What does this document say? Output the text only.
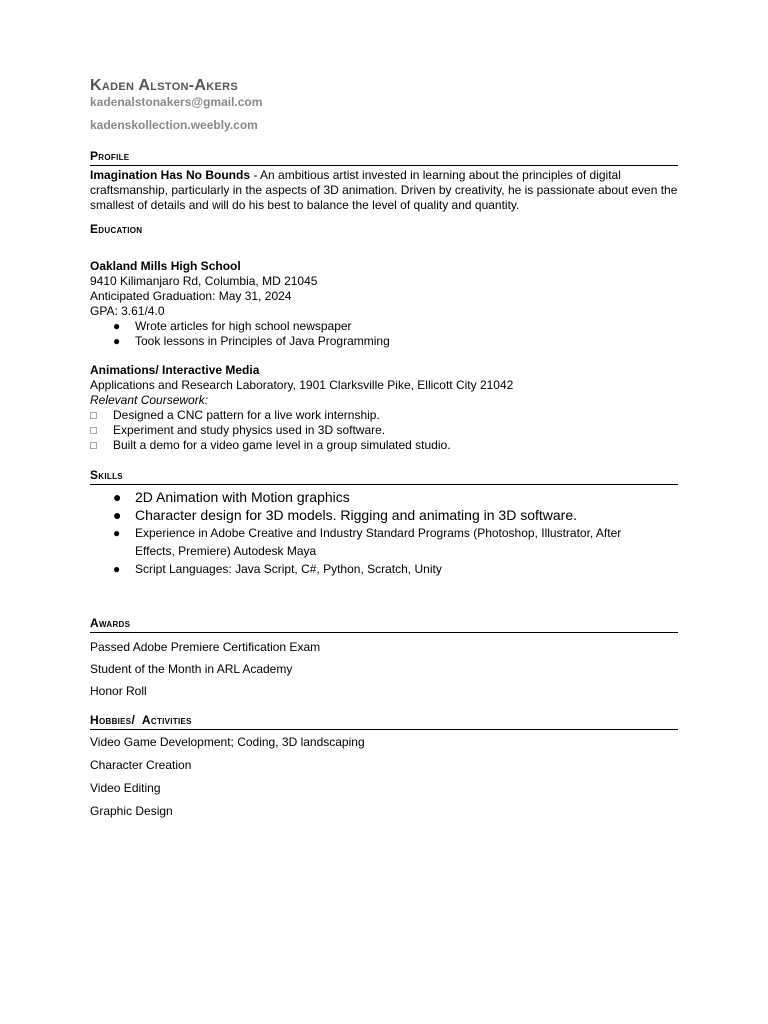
Kaden Alston-Akers

kadenalstonakers@gmail.com

kadenskollection.weebly.com

Profile

Imagination Has No Bounds - An ambitious artist invested in learning about the principles of digital craftsmanship, particularly in the aspects of 3D animation. Driven by creativity, he is passionate about even the smallest of details and will do his best to balance the level of quality and quantity.

Education

Oakland Mills High School

9410 Kilimanjaro Rd, Columbia, MD 21045

Anticipated Graduation: May 31, 2024

GPA: 3.61/4.0

● Wrote articles for high school newspaper
● Took lessons in Principles of Java Programming

Animations/ Interactive Media

Applications and Research Laboratory, 1901 Clarksville Pike, Ellicott City 21042

Relevant Coursework:

Designed a CNC pattern for a live work internship.
Experiment and study physics used in 3D software.
Built a demo for a video game level in a group simulated studio.
Skills
● 2D Animation with Motion graphics
● Character design for 3D models. Rigging and animating in 3D software.
● Experience in Adobe Creative and Industry Standard Programs (Photoshop, Illustrator, After Effects, Premiere) Autodesk Maya
● Script Languages: Java Script, C#, Python, Scratch, Unity
Awards

Passed Adobe Premiere Certification Exam

Student of the Month in ARL Academy

Honor Roll

Hobbies/  Activities

Video Game Development; Coding, 3D landscaping

Character Creation

Video Editing

Graphic Design
